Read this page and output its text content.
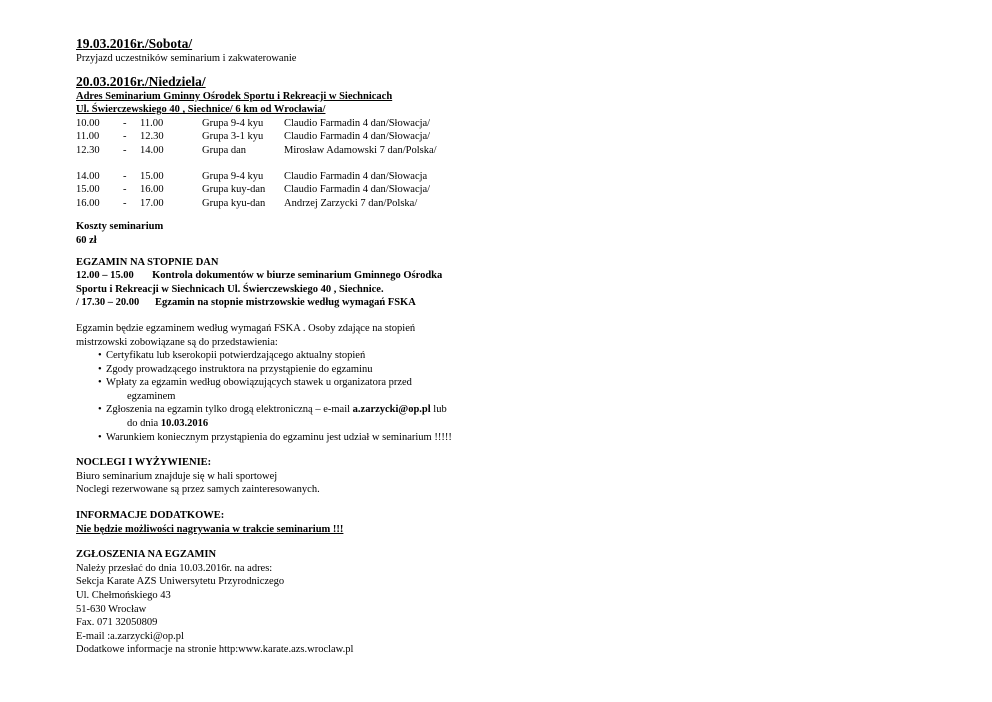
19.03.2016r./Sobota/
Przyjazd uczestników seminarium i zakwaterowanie
20.03.2016r./Niedziela/
Adres Seminarium Gminny Ośrodek Sportu i Rekreacji w Siechnicach
Ul. Świerczewskiego 40 , Siechnice/ 6 km od Wrocławia/
10.00	-	11.00	Grupa 9-4 kyu	Claudio Farmadin 4 dan/Słowacja/
11.00	-	12.30	Grupa 3-1 kyu	Claudio Farmadin 4 dan/Słowacja/
12.30	-	14.00	Grupa dan	Mirosław Adamowski 7 dan/Polska/
14.00	-	15.00	Grupa 9-4 kyu	Claudio Farmadin 4 dan/Słowacja
15.00	-	16.00	Grupa kuy-dan	Claudio Farmadin 4 dan/Słowacja/
16.00	-	17.00	Grupa kyu-dan	Andrzej Zarzycki 7 dan/Polska/
Koszty seminarium
60 zł
EGZAMIN NA STOPNIE DAN
12.00 – 15.00 Kontrola dokumentów w biurze seminarium Gminnego Ośrodka
Sportu i Rekreacji w Siechnicach Ul. Świerczewskiego 40 , Siechnice.
/ 17.30 – 20.00 Egzamin na stopnie mistrzowskie według wymagań FSKA
Egzamin będzie egzaminem według wymagań FSKA . Osoby zdające na stopień
mistrzowski zobowiązane są do przedstawienia:
• Certyfikatu lub kserokopii potwierdzającego aktualny stopień
• Zgody prowadzącego instruktora na przystąpienie do egzaminu
• Wpłaty za egzamin według obowiązujących stawek u organizatora przed
egzaminem
• Zgłoszenia na egzamin tylko drogą elektroniczną – e-mail a.zarzycki@op.pl lub
do dnia 10.03.2016
• Warunkiem koniecznym przystąpienia do egzaminu jest udział w seminarium !!!!!
NOCLEGI I WYŻYWIENIE:
Biuro seminarium znajduje się w hali sportowej
Noclegi rezerwowane są przez samych zainteresowanych.
INFORMACJE DODATKOWE:
Nie będzie możliwości nagrywania w trakcie seminarium !!!
ZGŁOSZENIA NA EGZAMIN
Należy przesłać do dnia 10.03.2016r. na adres:
Sekcja Karate AZS Uniwersytetu Przyrodniczego
Ul. Chełmońskiego 43
51-630 Wrocław
Fax. 071 32050809
E-mail :a.zarzycki@op.pl
Dodatkowe informacje na stronie http:www.karate.azs.wroclaw.pl
